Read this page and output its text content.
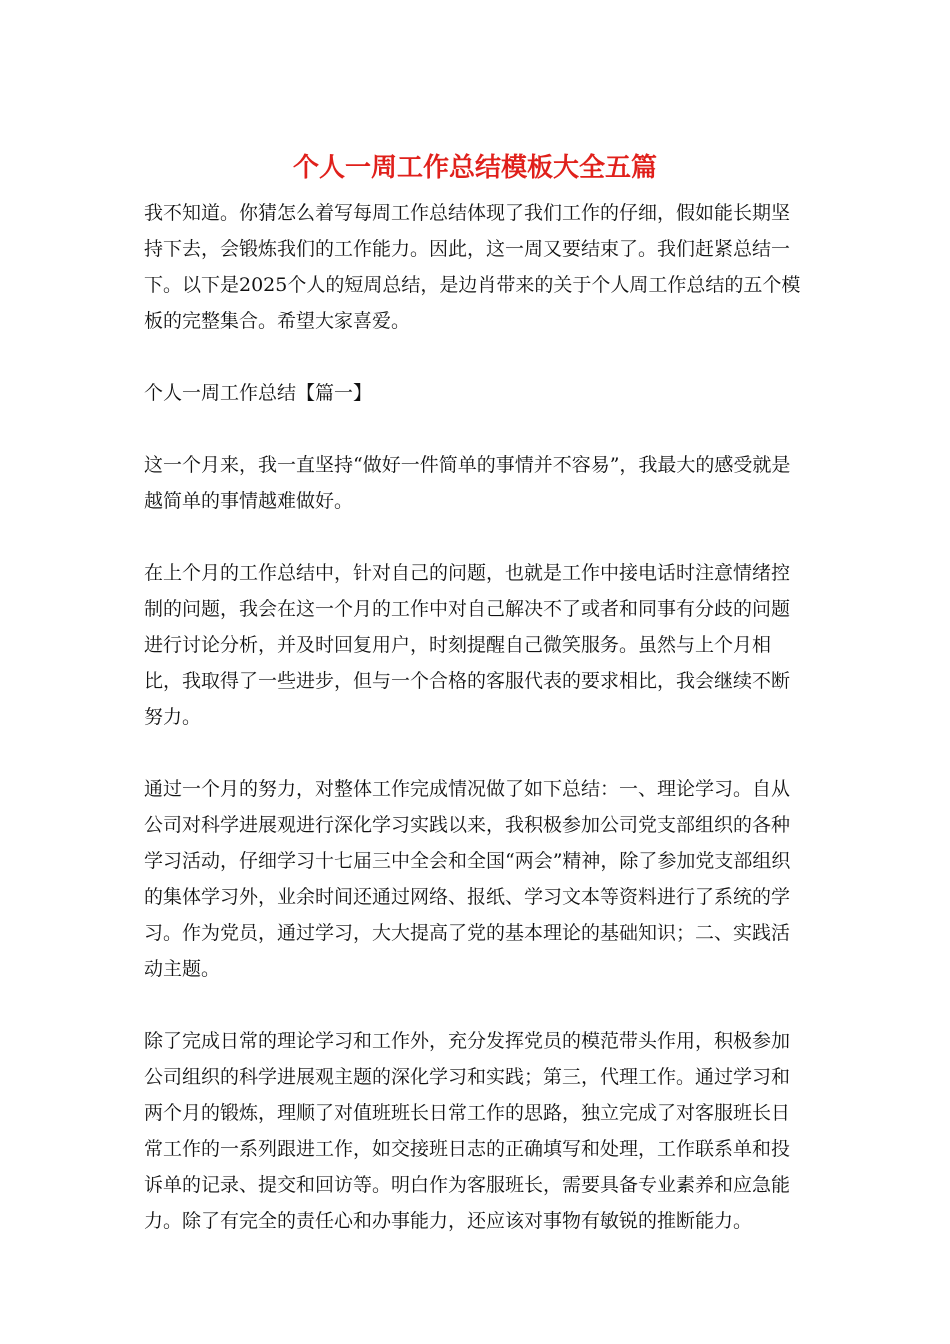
个人一周工作总结模板大全五篇

我不知道。你猜怎么着写每周工作总结体现了我们工作的仔细，假如能长期坚持下去，会锻炼我们的工作能力。因此，这一周又要结束了。我们赶紧总结一下。以下是2025个人的短周总结，是边肖带来的关于个人周工作总结的五个模板的完整集合。希望大家喜爱。

个人一周工作总结【篇一】

这一个月来，我一直坚持“做好一件简单的事情并不容易”，我最大的感受就是越简单的事情越难做好。

在上个月的工作总结中，针对自己的问题，也就是工作中接电话时注意情绪控制的问题，我会在这一个月的工作中对自己解决不了或者和同事有分歧的问题进行讨论分析，并及时回复用户，时刻提醒自己微笑服务。虽然与上个月相比，我取得了一些进步，但与一个合格的客服代表的要求相比，我会继续不断努力。

通过一个月的努力，对整体工作完成情况做了如下总结：一、理论学习。自从公司对科学进展观进行深化学习实践以来，我积极参加公司党支部组织的各种学习活动，仔细学习十七届三中全会和全国“两会”精神，除了参加党支部组织的集体学习外，业余时间还通过网络、报纸、学习文本等资料进行了系统的学习。作为党员，通过学习，大大提高了党的基本理论的基础知识；二、实践活动主题。

除了完成日常的理论学习和工作外，充分发挥党员的模范带头作用，积极参加公司组织的科学进展观主题的深化学习和实践；第三，代理工作。通过学习和两个月的锻炼，理顺了对值班班长日常工作的思路，独立完成了对客服班长日常工作的一系列跟进工作，如交接班日志的正确填写和处理，工作联系单和投诉单的记录、提交和回访等。明白作为客服班长，需要具备专业素养和应急能力。除了有完全的责任心和办事能力，还应该对事物有敏锐的推断能力。
